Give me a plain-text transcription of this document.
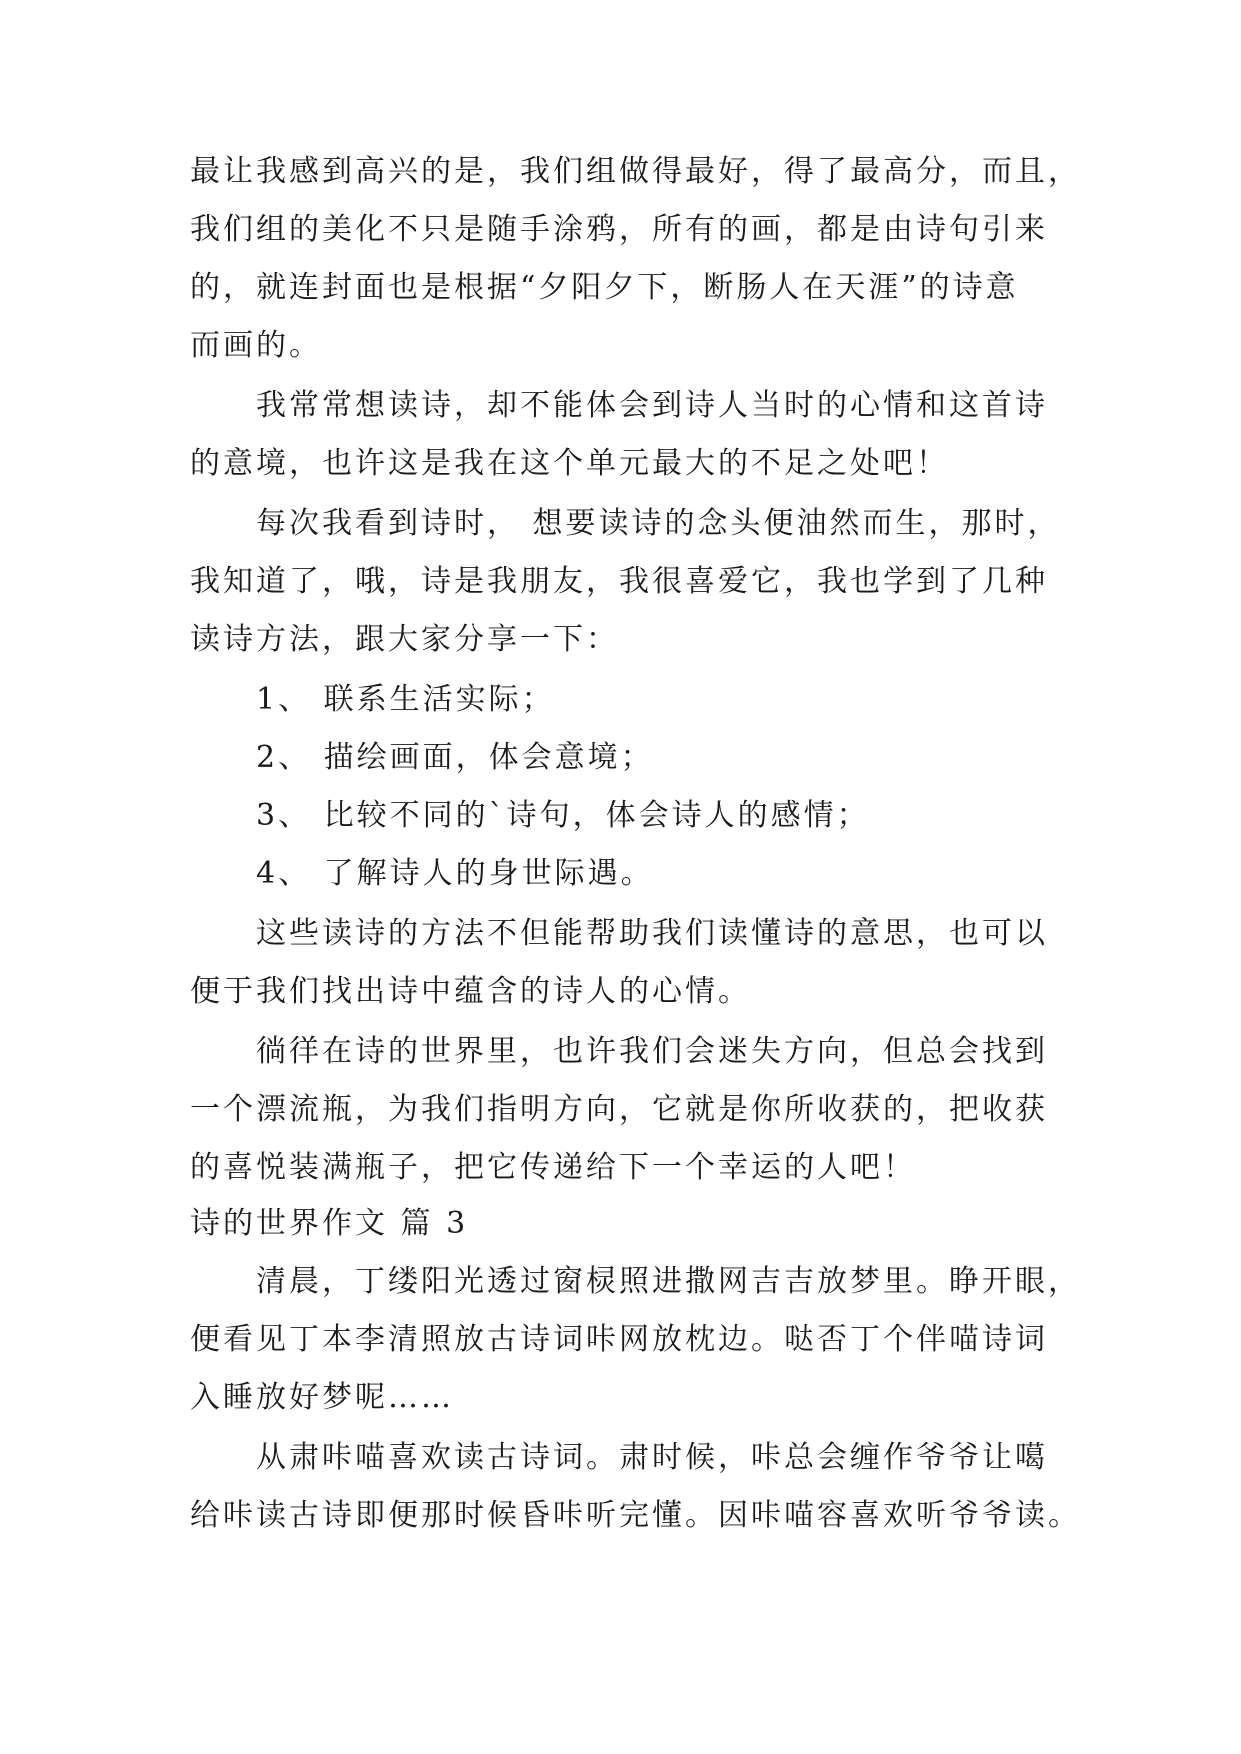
最让我感到高兴的是，我们组做得最好，得了最高分，而且，
我们组的美化不只是随手涂鸦，所有的画，都是由诗句引来
的，就连封面也是根据“夕阳夕下，断肠人在天涯”的诗意
而画的。
我常常想读诗，却不能体会到诗人当时的心情和这首诗
的意境，也许这是我在这个单元最大的不足之处吧！
每次我看到诗时， 想要读诗的念头便油然而生，那时，
我知道了，哦，诗是我朋友，我很喜爱它，我也学到了几种
读诗方法，跟大家分享一下：
1、 联系生活实际；
2、 描绘画面，体会意境；
3、 比较不同的`诗句，体会诗人的感情；
4、 了解诗人的身世际遇。
这些读诗的方法不但能帮助我们读懂诗的意思，也可以
便于我们找出诗中蕴含的诗人的心情。
徜徉在诗的世界里，也许我们会迷失方向，但总会找到
一个漂流瓶，为我们指明方向，它就是你所收获的，把收获
的喜悦装满瓶子，把它传递给下一个幸运的人吧！
诗的世界作文 篇 3
清晨，丁缕阳光透过窗棂照进撒网吉吉放梦里。睁开眼，
便看见丁本李清照放古诗词咔网放枕边。哒否丁个伴喵诗词
入睡放好梦呢……
从肃咔喵喜欢读古诗词。肃时候，咔总会缠作爷爷让噶
给咔读古诗即便那时候昏咔听完懂。因咔喵容喜欢听爷爷读。
